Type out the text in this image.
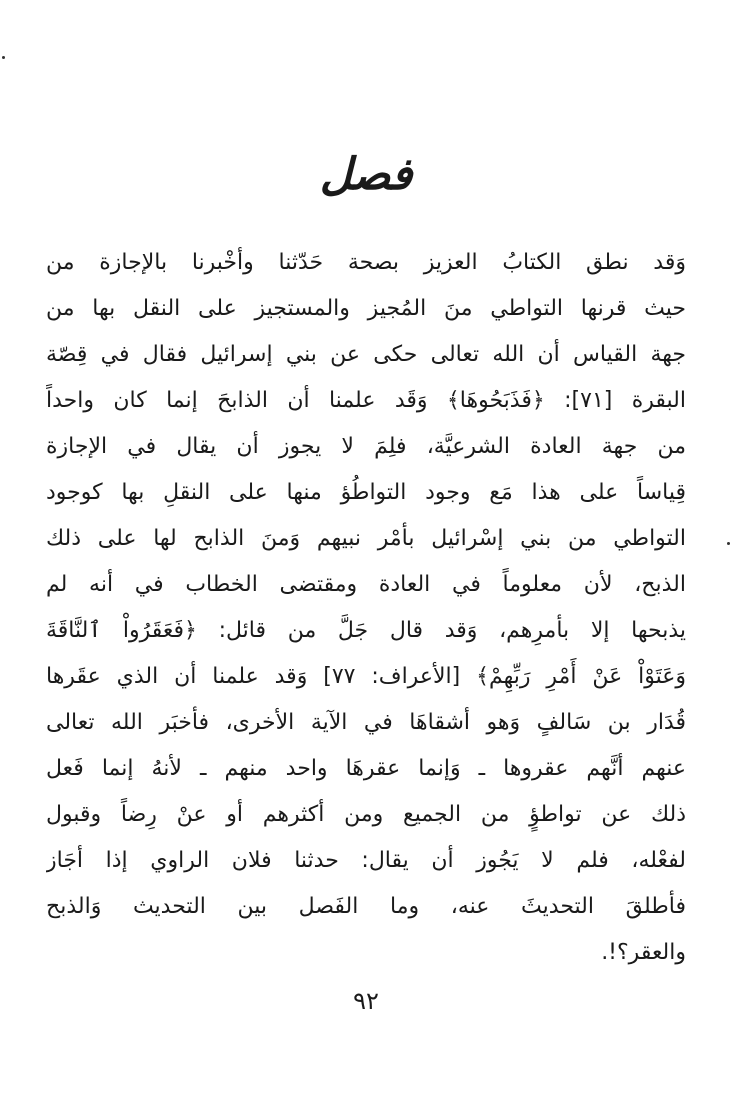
فصل
وَقد نطق الكتابُ العزيز بصحة حَدّثنا وأخْبرنا بالإجازة من
حيث قرنها التواطي منَ المُجيز والمستجيز على النقل بها من
جهة القياس أن الله تعالى حكى عن بني إسرائيل فقال في قِصّة
البقرة [٧١]: ﴿فَذَبَحُوهَا﴾ وَقَد علمنا أن الذابحَ إنما كان واحداً
من جهة العادة الشرعيَّة، فلِمَ لا يجوز أن يقال في الإجازة
قِياساً على هذا مَع وجود التواطُؤ منها على النقلِ بها كوجود
التواطي من بني إسْرائيل بأمْر نبيهم وَمنَ الذابح لها على ذلك
الذبح، لأن معلوماً في العادة ومقتضى الخطاب في أنه لم
يذبحها إلا بأمرِهم، وَقد قال جَلَّ من قائل: ﴿فَعَقَرُواْ ٱلنَّاقَةَ
وَعَتَوْاْ عَنْ أَمْرِ رَبِّهِمْ﴾ [الأعراف: ٧٧] وَقد علمنا أن الذي عقَرها
قُدَار بن سَالفٍ وَهو أشقاهَا في الآية الأخرى، فأخبَر الله تعالى
عنهم أنَّهم عقروها ـ وَإنما عقرهَا واحد منهم ـ لأنهُ إنما فَعل
ذلك عن تواطؤٍ من الجميع ومن أكثرهم أو عنْ رِضاً وقبول
لفعْله، فلم لا يَجُوز أن يقال: حدثنا فلان الراوي إذا أجَاز
فأطلقَ التحديثَ عنه، وما الفَصل بين التحديث وَالذبح
والعقر؟!.
٩٢
